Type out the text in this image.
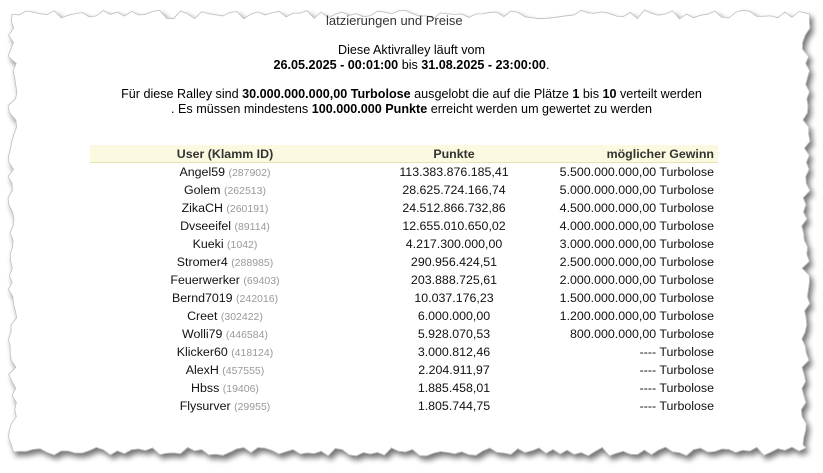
latzierungen und Preise
Diese Aktivralley läuft vom
26.05.2025 - 00:01:00 bis 31.08.2025 - 23:00:00.
Für diese Ralley sind 30.000.000.000,00 Turbolose ausgelobt die auf die Plätze 1 bis 10 verteilt werden
. Es müssen mindestens 100.000.000 Punkte erreicht werden um gewertet zu werden
User (Klamm ID)	Punkte	möglicher Gewinn
Angel59 (287902)	113.383.876.185,41	5.500.000.000,00 Turbolose
Golem (262513)	28.625.724.166,74	5.000.000.000,00 Turbolose
ZikaCH (260191)	24.512.866.732,86	4.500.000.000,00 Turbolose
Dvseeifel (89114)	12.655.010.650,02	4.000.000.000,00 Turbolose
Kueki (1042)	4.217.300.000,00	3.000.000.000,00 Turbolose
Stromer4 (288985)	290.956.424,51	2.500.000.000,00 Turbolose
Feuerwerker (69403)	203.888.725,61	2.000.000.000,00 Turbolose
Bernd7019 (242016)	10.037.176,23	1.500.000.000,00 Turbolose
Creet (302422)	6.000.000,00	1.200.000.000,00 Turbolose
Wolli79 (446584)	5.928.070,53	800.000.000,00 Turbolose
Klicker60 (418124)	3.000.812,46	---- Turbolose
AlexH (457555)	2.204.911,97	---- Turbolose
Hbss (19406)	1.885.458,01	---- Turbolose
Flysurver (29955)	1.805.744,75	---- Turbolose
